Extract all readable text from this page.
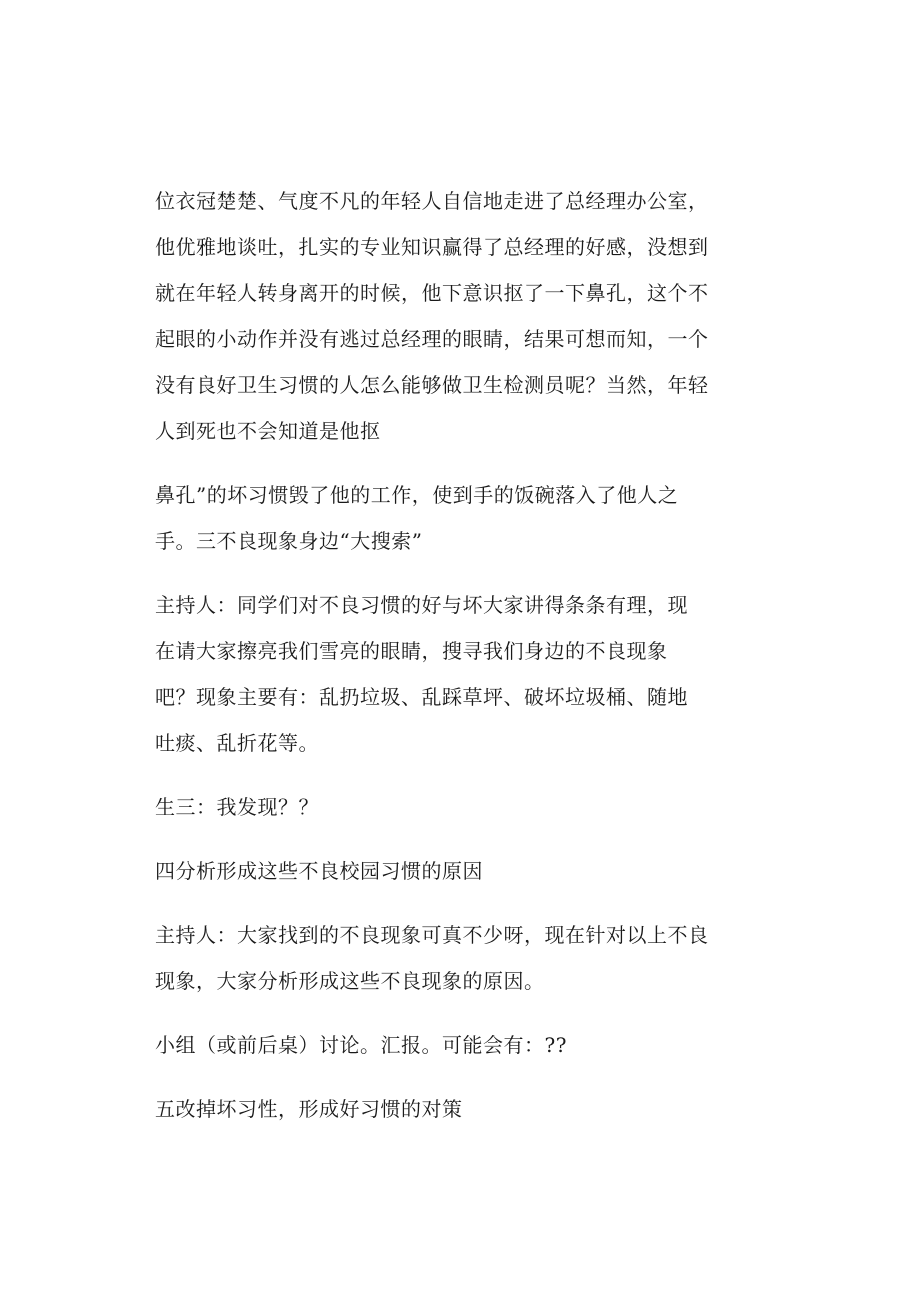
位衣冠楚楚、气度不凡的年轻人自信地走进了总经理办公室，
他优雅地谈吐，扎实的专业知识赢得了总经理的好感，没想到
就在年轻人转身离开的时候，他下意识抠了一下鼻孔，这个不
起眼的小动作并没有逃过总经理的眼睛，结果可想而知，一个
没有良好卫生习惯的人怎么能够做卫生检测员呢？当然，年轻
人到死也不会知道是他抠

鼻孔”的坏习惯毁了他的工作，使到手的饭碗落入了他人之
手。三不良现象身边“大搜索”

主持人：同学们对不良习惯的好与坏大家讲得条条有理，现
在请大家擦亮我们雪亮的眼睛，搜寻我们身边的不良现象
吧？现象主要有：乱扔垃圾、乱踩草坪、破坏垃圾桶、随地
吐痰、乱折花等。

生三：我发现？？

四分析形成这些不良校园习惯的原因

主持人：大家找到的不良现象可真不少呀，现在针对以上不良
现象，大家分析形成这些不良现象的原因。

小组（或前后桌）讨论。汇报。可能会有：??

五改掉坏习性，形成好习惯的对策
